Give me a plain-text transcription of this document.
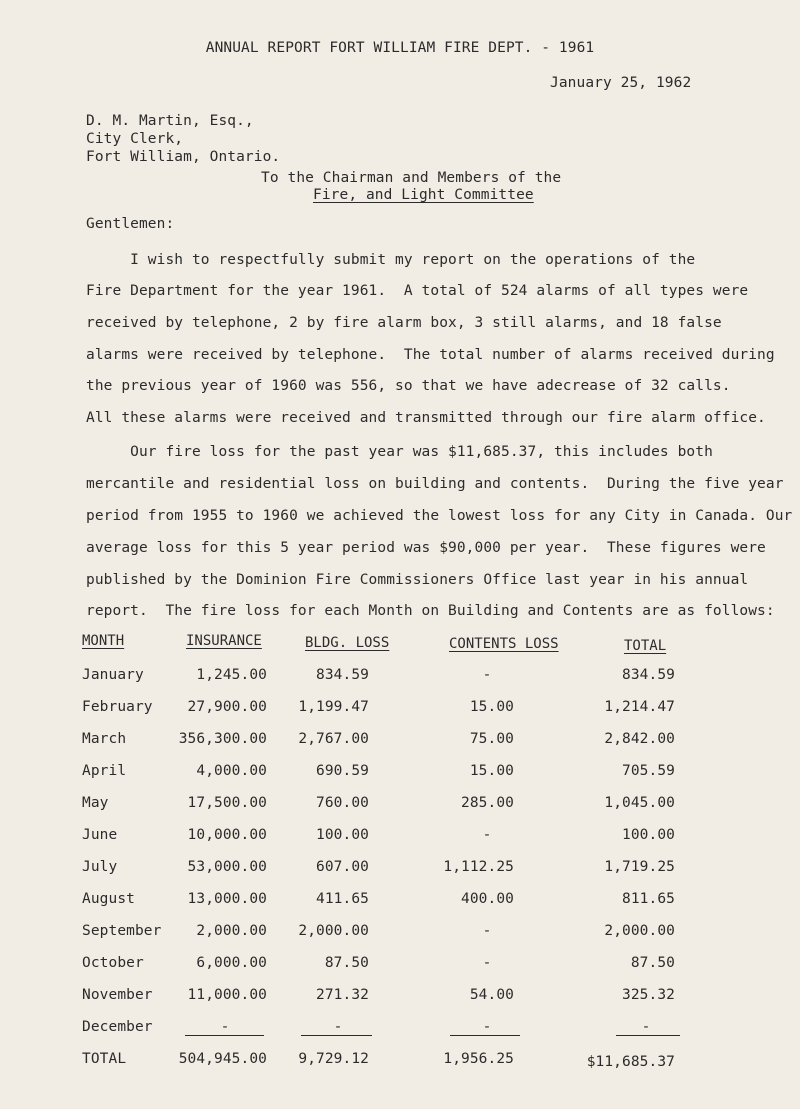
ANNUAL REPORT FORT WILLIAM FIRE DEPT. - 1961
January 25, 1962
D. M. Martin, Esq.,
City Clerk,
Fort William, Ontario.
To the Chairman and Members of the
Fire, and Light Committee
Gentlemen:
I wish to respectfully submit my report on the operations of the
Fire Department for the year 1961.  A total of 524 alarms of all types were
received by telephone, 2 by fire alarm box, 3 still alarms, and 18 false
alarms were received by telephone.  The total number of alarms received during
the previous year of 1960 was 556, so that we have adecrease of 32 calls.
All these alarms were received and transmitted through our fire alarm office.
Our fire loss for the past year was $11,685.37, this includes both
mercantile and residential loss on building and contents.  During the five year
period from 1955 to 1960 we achieved the lowest loss for any City in Canada. Our
average loss for this 5 year period was $90,000 per year.  These figures were
published by the Dominion Fire Commissioners Office last year in his annual
report.  The fire loss for each Month on Building and Contents are as follows:
MONTH	INSURANCE	BLDG. LOSS	CONTENTS LOSS	TOTAL
January	1,245.00	834.59	-	834.59
February 27,900.00 1,199.47	15.00	1,214.47
March	356,300.00 2,767.00	75.00	2,842.00
April	4,000.00	690.59	15.00	705.59
May	17,500.00	760.00	285.00	1,045.00
June	10,000.00	100.00	-	100.00
July	53,000.00	607.00	1,112.25	1,719.25
August	13,000.00	411.65	400.00	811.65
September 2,000.00 2,000.00	-	2,000.00
October	6,000.00	87.50	-	87.50
November 11,000.00	271.32	54.00	325.32
December	-	-	-	-
TOTAL	504,945.00 9,729.12	1,956.25	$11,685.37
